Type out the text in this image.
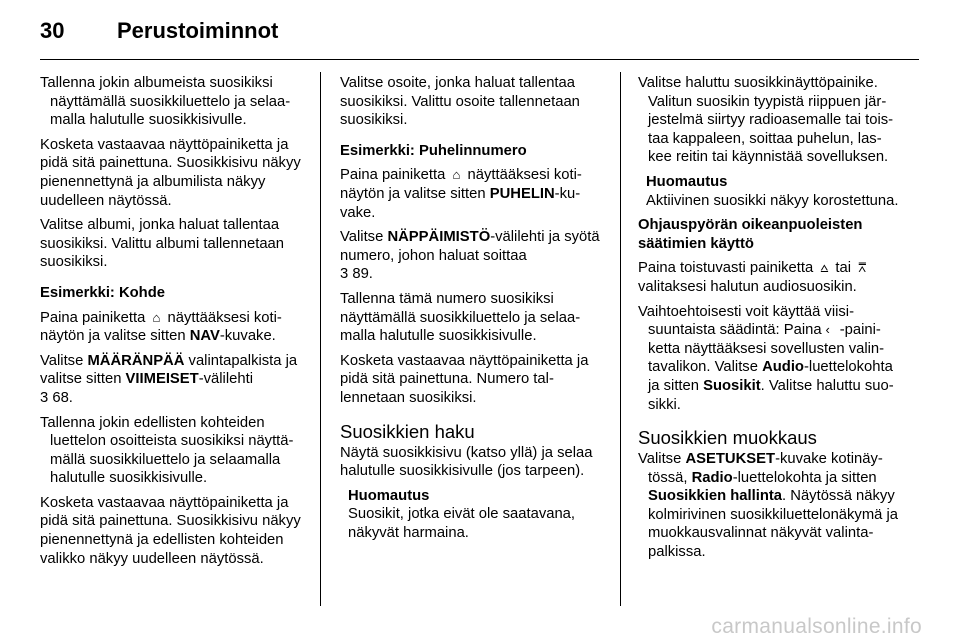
30 Perustoiminnot

Tallenna jokin albumeista suosikiksi näyttämällä suosikkiluettelo ja selaamalla halutulle suosikkisivulle.

Kosketa vastaavaa näyttöpainiketta ja pidä sitä painettuna. Suosikkisivu näkyy pienennettynä ja albumilista näkyy uudelleen näytössä.

Valitse albumi, jonka haluat tallentaa suosikiksi. Valittu albumi tallennetaan suosikiksi.

Esimerkki: Kohde

Paina painiketta ⌂ näyttääksesi kotinäytön ja valitse sitten NAV-kuvake.

Valitse MÄÄRÄNPÄÄ valintapalkista ja valitse sitten VIIMEISET-välilehti
3 68.

Tallenna jokin edellisten kohteiden luettelon osoitteista suosikiksi näyttämällä suosikkiluettelo ja selaamalla halutulle suosikkisivulle.

Kosketa vastaavaa näyttöpainiketta ja pidä sitä painettuna. Suosikkisivu näkyy pienennettynä ja edellisten kohteiden valikko näkyy uudelleen näytössä.

Valitse osoite, jonka haluat tallentaa suosikiksi. Valittu osoite tallennetaan suosikiksi.

Esimerkki: Puhelinnumero

Paina painiketta ⌂ näyttääksesi kotinäytön ja valitse sitten PUHELIN-kuvake.

Valitse NÄPPÄIMISTÖ-välilehti ja syötä numero, johon haluat soittaa
3 89.

Tallenna tämä numero suosikiksi näyttämällä suosikkiluettelo ja selaamalla halutulle suosikkisivulle.

Kosketa vastaavaa näyttöpainiketta ja pidä sitä painettuna. Numero tallennetaan suosikiksi.

Suosikkien haku

Näytä suosikkisivu (katso yllä) ja selaa halutulle suosikkisivulle (jos tarpeen).

Huomautus
Suosikit, jotka eivät ole saatavana, näkyvät harmaina.

Valitse haluttu suosikkinäyttöpainike. Valitun suosikin tyypistä riippuen järjestelmä siirtyy radioasemalle tai toistaa kappaleen, soittaa puhelun, laskee reitin tai käynnistää sovelluksen.

Huomautus
Aktiivinen suosikki näkyy korostettuna.

Ohjauspyörän oikeanpuoleisten säätimien käyttö

Paina toistuvasti painiketta ⩟ tai ⩞ valitaksesi halutun audiosuosikin.

Vaihtoehtoisesti voit käyttää viisisuuntaista säädintä: Paina ‹ -painiketta näyttääksesi sovellusten valintavalikon. Valitse Audio-luettelokohta ja sitten Suosikit. Valitse haluttu suosikki.

Suosikkien muokkaus

Valitse ASETUKSET-kuvake kotinäytössä, Radio-luettelokohta ja sitten Suosikkien hallinta. Näytössä näkyy kolmirivinen suosikkiluettelonäkymä ja muokkausvalinnat näkyvät valintapalkissa.

carmanualsonline.info
